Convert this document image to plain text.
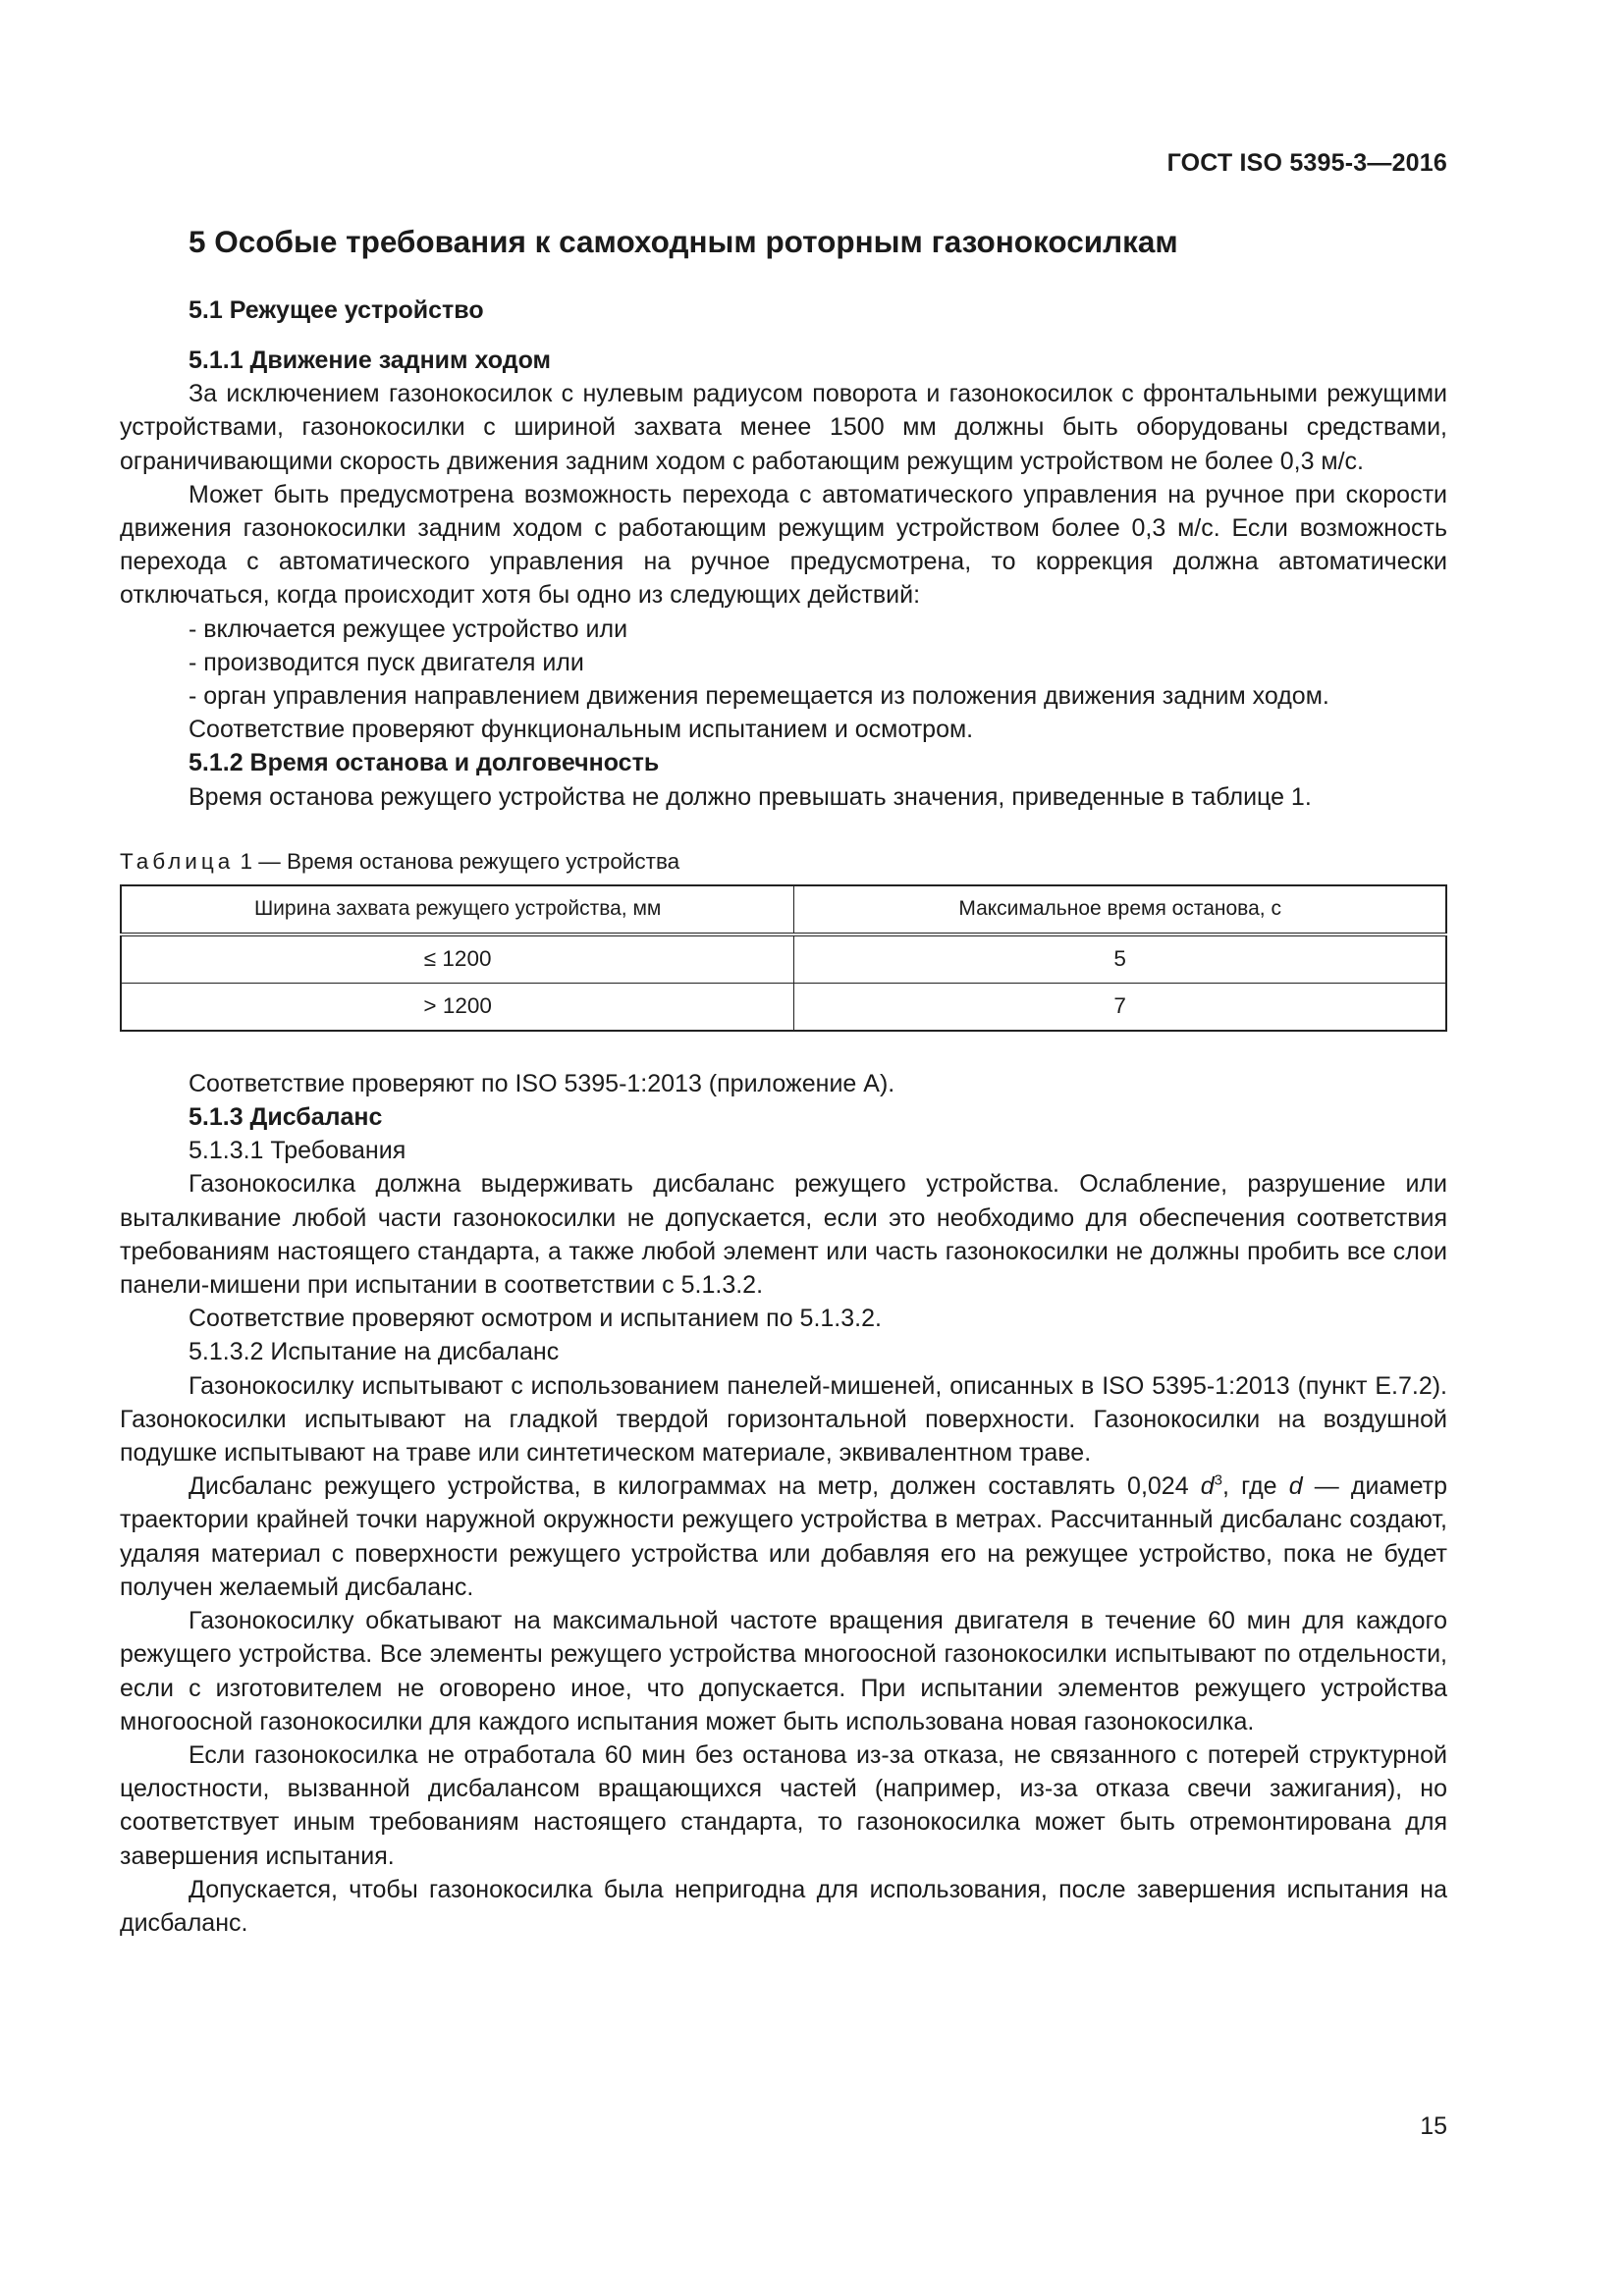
ГОСТ ISO 5395-3—2016
5 Особые требования к самоходным роторным газонокосилкам
5.1 Режущее устройство
5.1.1 Движение задним ходом

За исключением газонокосилок с нулевым радиусом поворота и газонокосилок с фронтальными режущими устройствами, газонокосилки с шириной захвата менее 1500 мм должны быть оборудованы средствами, ограничивающими скорость движения задним ходом с работающим режущим устройством не более 0,3 м/с.

Может быть предусмотрена возможность перехода с автоматического управления на ручное при скорости движения газонокосилки задним ходом с работающим режущим устройством более 0,3 м/с. Если возможность перехода с автоматического управления на ручное предусмотрена, то коррекция должна автоматически отключаться, когда происходит хотя бы одно из следующих действий:

- включается режущее устройство или
- производится пуск двигателя или
- орган управления направлением движения перемещается из положения движения задним ходом.

Соответствие проверяют функциональным испытанием и осмотром.

5.1.2 Время останова и долговечность

Время останова режущего устройства не должно превышать значения, приведенные в таблице 1.

Таблица 1 — Время останова режущего устройства
Ширина захвата режущего устройства, мм	Максимальное время останова, с
≤ 1200	5
> 1200	7

Соответствие проверяют по ISO 5395-1:2013 (приложение А).

5.1.3 Дисбаланс
5.1.3.1 Требования

Газонокосилка должна выдерживать дисбаланс режущего устройства. Ослабление, разрушение или выталкивание любой части газонокосилки не допускается, если это необходимо для обеспечения соответствия требованиям настоящего стандарта, а также любой элемент или часть газонокосилки не должны пробить все слои панели-мишени при испытании в соответствии с 5.1.3.2.

Соответствие проверяют осмотром и испытанием по 5.1.3.2.

5.1.3.2 Испытание на дисбаланс

Газонокосилку испытывают с использованием панелей-мишеней, описанных в ISO 5395-1:2013 (пункт E.7.2). Газонокосилки испытывают на гладкой твердой горизонтальной поверхности. Газонокосилки на воздушной подушке испытывают на траве или синтетическом материале, эквивалентном траве.

Дисбаланс режущего устройства, в килограммах на метр, должен составлять 0,024 $d^3$, где d — диаметр траектории крайней точки наружной окружности режущего устройства в метрах. Рассчитанный дисбаланс создают, удаляя материал с поверхности режущего устройства или добавляя его на режущее устройство, пока не будет получен желаемый дисбаланс.

Газонокосилку обкатывают на максимальной частоте вращения двигателя в течение 60 мин для каждого режущего устройства. Все элементы режущего устройства многоосной газонокосилки испытывают по отдельности, если с изготовителем не оговорено иное, что допускается. При испытании элементов режущего устройства многоосной газонокосилки для каждого испытания может быть использована новая газонокосилка.

Если газонокосилка не отработала 60 мин без останова из-за отказа, не связанного с потерей структурной целостности, вызванной дисбалансом вращающихся частей (например, из-за отказа свечи зажигания), но соответствует иным требованиям настоящего стандарта, то газонокосилка может быть отремонтирована для завершения испытания.

Допускается, чтобы газонокосилка была непригодна для использования, после завершения испытания на дисбаланс.

15
